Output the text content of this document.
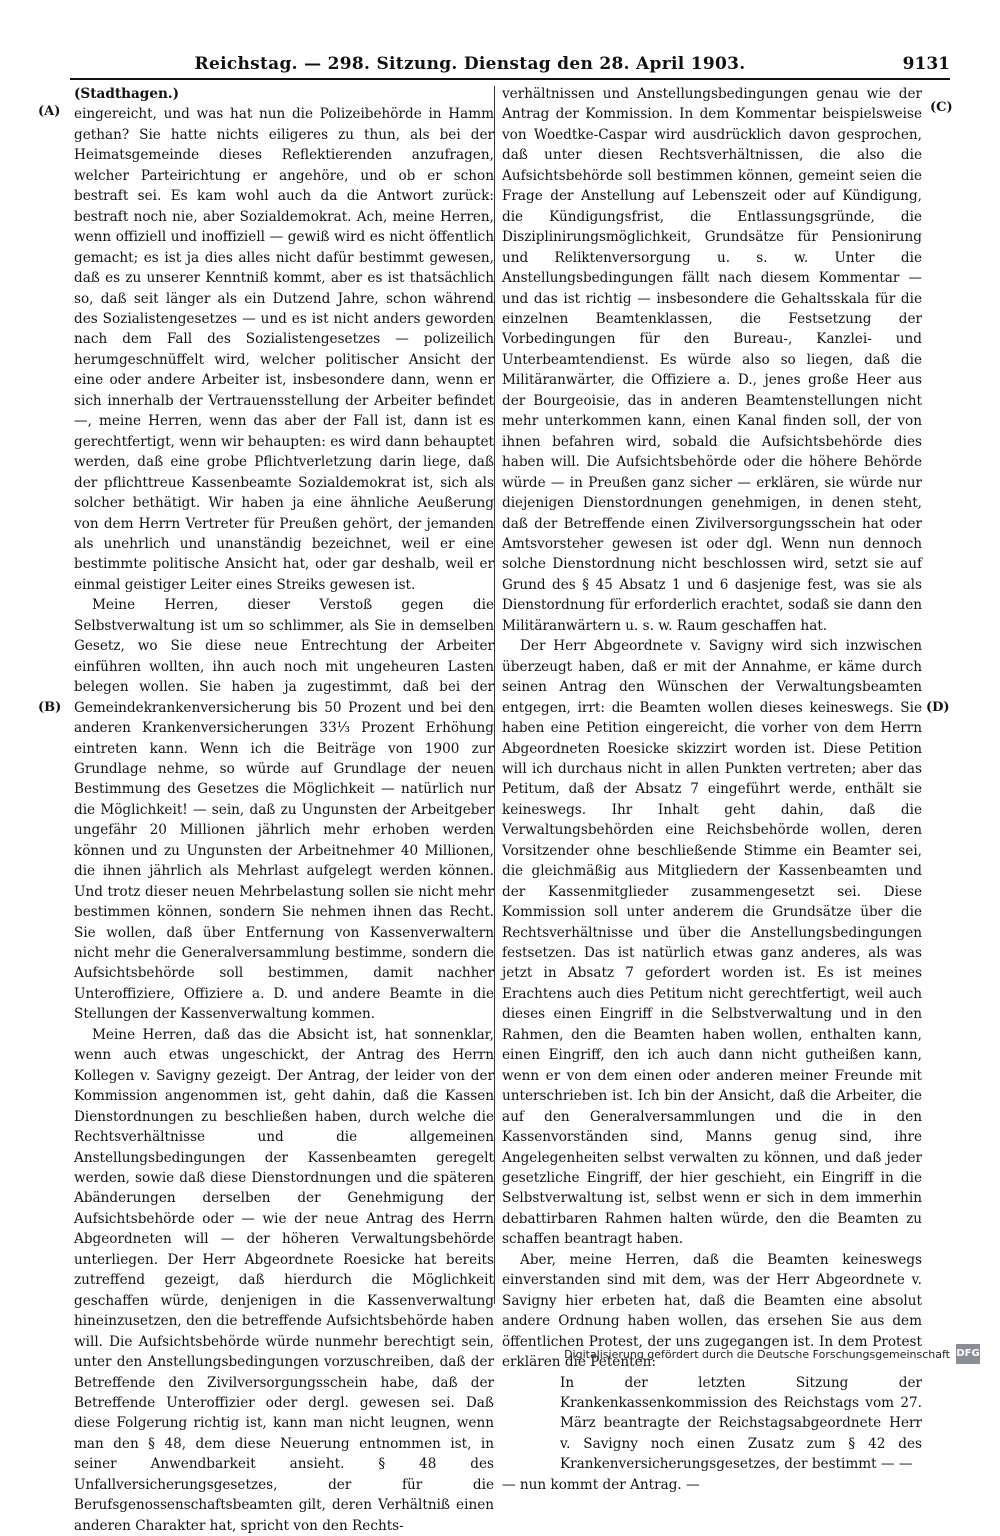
Reichstag. — 298. Sitzung. Dienstag den 28. April 1903.	9131
(A)
(B)
(C)
(D)

(Stadthagen.)

eingereicht, und was hat nun die Polizeibehörde in Hamm gethan? Sie hatte nichts eiligeres zu thun, als bei der Heimatsgemeinde dieses Reflektierenden anzufragen, welcher Parteirichtung er angehöre, und ob er schon bestraft sei. Es kam wohl auch da die Antwort zurück: bestraft noch nie, aber Sozialdemokrat. Ach, meine Herren, wenn offiziell und inoffiziell — gewiß wird es nicht öffentlich gemacht; es ist ja dies alles nicht dafür bestimmt gewesen, daß es zu unserer Kenntniß kommt, aber es ist thatsächlich so, daß seit länger als ein Dutzend Jahre, schon während des Sozialistengesetzes — und es ist nicht anders geworden nach dem Fall des Sozialistengesetzes — polizeilich herumgeschnüffelt wird, welcher politischer Ansicht der eine oder andere Arbeiter ist, insbesondere dann, wenn er sich innerhalb der Vertrauensstellung der Arbeiter befindet —, meine Herren, wenn das aber der Fall ist, dann ist es gerechtfertigt, wenn wir behaupten: es wird dann behauptet werden, daß eine grobe Pflichtverletzung darin liege, daß der pflichttreue Kassenbeamte Sozialdemokrat ist, sich als solcher bethätigt. Wir haben ja eine ähnliche Aeußerung von dem Herrn Vertreter für Preußen gehört, der jemanden als unehrlich und unanständig bezeichnet, weil er eine bestimmte politische Ansicht hat, oder gar deshalb, weil er einmal geistiger Leiter eines Streiks gewesen ist.

Meine Herren, dieser Verstoß gegen die Selbstverwaltung ist um so schlimmer, als Sie in demselben Gesetz, wo Sie diese neue Entrechtung der Arbeiter einführen wollten, ihn auch noch mit ungeheuren Lasten belegen wollen. Sie haben ja zugestimmt, daß bei der Gemeindekrankenversicherung bis 50 Prozent und bei den anderen Krankenversicherungen 33⅓ Prozent Erhöhung eintreten kann. Wenn ich die Beiträge von 1900 zur Grundlage nehme, so würde auf Grundlage der neuen Bestimmung des Gesetzes die Möglichkeit — natürlich nur die Möglichkeit! — sein, daß zu Ungunsten der Arbeitgeber ungefähr 20 Millionen jährlich mehr erhoben werden können und zu Ungunsten der Arbeitnehmer 40 Millionen, die ihnen jährlich als Mehrlast aufgelegt werden können. Und trotz dieser neuen Mehrbelastung sollen sie nicht mehr bestimmen können, sondern Sie nehmen ihnen das Recht. Sie wollen, daß über Entfernung von Kassenverwaltern nicht mehr die Generalversammlung bestimme, sondern die Aufsichtsbehörde soll bestimmen, damit nachher Unteroffiziere, Offiziere a. D. und andere Beamte in die Stellungen der Kassenverwaltung kommen.

Meine Herren, daß das die Absicht ist, hat sonnenklar, wenn auch etwas ungeschickt, der Antrag des Herrn Kollegen v. Savigny gezeigt. Der Antrag, der leider von der Kommission angenommen ist, geht dahin, daß die Kassen Dienstordnungen zu beschließen haben, durch welche die Rechtsverhältnisse und die allgemeinen Anstellungsbedingungen der Kassenbeamten geregelt werden, sowie daß diese Dienstordnungen und die späteren Abänderungen derselben der Genehmigung der Aufsichtsbehörde oder — wie der neue Antrag des Herrn Abgeordneten will — der höheren Verwaltungsbehörde unterliegen. Der Herr Abgeordnete Roesicke hat bereits zutreffend gezeigt, daß hierdurch die Möglichkeit geschaffen würde, denjenigen in die Kassenverwaltung hineinzusetzen, den die betreffende Aufsichtsbehörde haben will. Die Aufsichtsbehörde würde nunmehr berechtigt sein, unter den Anstellungsbedingungen vorzuschreiben, daß der Betreffende den Zivilversorgungsschein habe, daß der Betreffende Unteroffizier oder dergl. gewesen sei. Daß diese Folgerung richtig ist, kann man nicht leugnen, wenn man den § 48, dem diese Neuerung entnommen ist, in seiner Anwendbarkeit ansieht. § 48 des Unfallversicherungsgesetzes, der für die Berufsgenossenschaftsbeamten gilt, deren Verhältniß einen anderen Charakter hat, spricht von den Rechts-

verhältnissen und Anstellungsbedingungen genau wie der Antrag der Kommission. In dem Kommentar beispielsweise von Woedtke-Caspar wird ausdrücklich davon gesprochen, daß unter diesen Rechtsverhältnissen, die also die Aufsichtsbehörde soll bestimmen können, gemeint seien die Frage der Anstellung auf Lebenszeit oder auf Kündigung, die Kündigungsfrist, die Entlassungsgründe, die Disziplinirungsmöglichkeit, Grundsätze für Pensionirung und Reliktenversorgung u. s. w. Unter die Anstellungsbedingungen fällt nach diesem Kommentar — und das ist richtig — insbesondere die Gehaltsskala für die einzelnen Beamtenklassen, die Festsetzung der Vorbedingungen für den Bureau-, Kanzlei- und Unterbeamtendienst. Es würde also so liegen, daß die Militäranwärter, die Offiziere a. D., jenes große Heer aus der Bourgeoisie, das in anderen Beamtenstellungen nicht mehr unterkommen kann, einen Kanal finden soll, der von ihnen befahren wird, sobald die Aufsichtsbehörde dies haben will. Die Aufsichtsbehörde oder die höhere Behörde würde — in Preußen ganz sicher — erklären, sie würde nur diejenigen Dienstordnungen genehmigen, in denen steht, daß der Betreffende einen Zivilversorgungsschein hat oder Amtsvorsteher gewesen ist oder dgl. Wenn nun dennoch solche Dienstordnung nicht beschlossen wird, setzt sie auf Grund des § 45 Absatz 1 und 6 dasjenige fest, was sie als Dienstordnung für erforderlich erachtet, sodaß sie dann den Militäranwärtern u. s. w. Raum geschaffen hat.

Der Herr Abgeordnete v. Savigny wird sich inzwischen überzeugt haben, daß er mit der Annahme, er käme durch seinen Antrag den Wünschen der Verwaltungsbeamten entgegen, irrt: die Beamten wollen dieses keineswegs. Sie haben eine Petition eingereicht, die vorher von dem Herrn Abgeordneten Roesicke skizzirt worden ist. Diese Petition will ich durchaus nicht in allen Punkten vertreten; aber das Petitum, daß der Absatz 7 eingeführt werde, enthält sie keineswegs. Ihr Inhalt geht dahin, daß die Verwaltungsbehörden eine Reichsbehörde wollen, deren Vorsitzender ohne beschließende Stimme ein Beamter sei, die gleichmäßig aus Mitgliedern der Kassenbeamten und der Kassenmitglieder zusammengesetzt sei. Diese Kommission soll unter anderem die Grundsätze über die Rechtsverhältnisse und über die Anstellungsbedingungen festsetzen. Das ist natürlich etwas ganz anderes, als was jetzt in Absatz 7 gefordert worden ist. Es ist meines Erachtens auch dies Petitum nicht gerechtfertigt, weil auch dieses einen Eingriff in die Selbstverwaltung und in den Rahmen, den die Beamten haben wollen, enthalten kann, einen Eingriff, den ich auch dann nicht gutheißen kann, wenn er von dem einen oder anderen meiner Freunde mit unterschrieben ist. Ich bin der Ansicht, daß die Arbeiter, die auf den Generalversammlungen und die in den Kassenvorständen sind, Manns genug sind, ihre Angelegenheiten selbst verwalten zu können, und daß jeder gesetzliche Eingriff, der hier geschieht, ein Eingriff in die Selbstverwaltung ist, selbst wenn er sich in dem immerhin debattirbaren Rahmen halten würde, den die Beamten zu schaffen beantragt haben.

Aber, meine Herren, daß die Beamten keineswegs einverstanden sind mit dem, was der Herr Abgeordnete v. Savigny hier erbeten hat, daß die Beamten eine absolut andere Ordnung haben wollen, das ersehen Sie aus dem öffentlichen Protest, der uns zugegangen ist. In dem Protest erklären die Petenten:

In der letzten Sitzung der Krankenkassenkommission des Reichstags vom 27. März beantragte der Reichstagsabgeordnete Herr v. Savigny noch einen Zusatz zum § 42 des Krankenversicherungsgesetzes, der bestimmt — —

— nun kommt der Antrag. —

Digitalisierung gefördert durch die Deutsche Forschungsgemeinschaft DFG
